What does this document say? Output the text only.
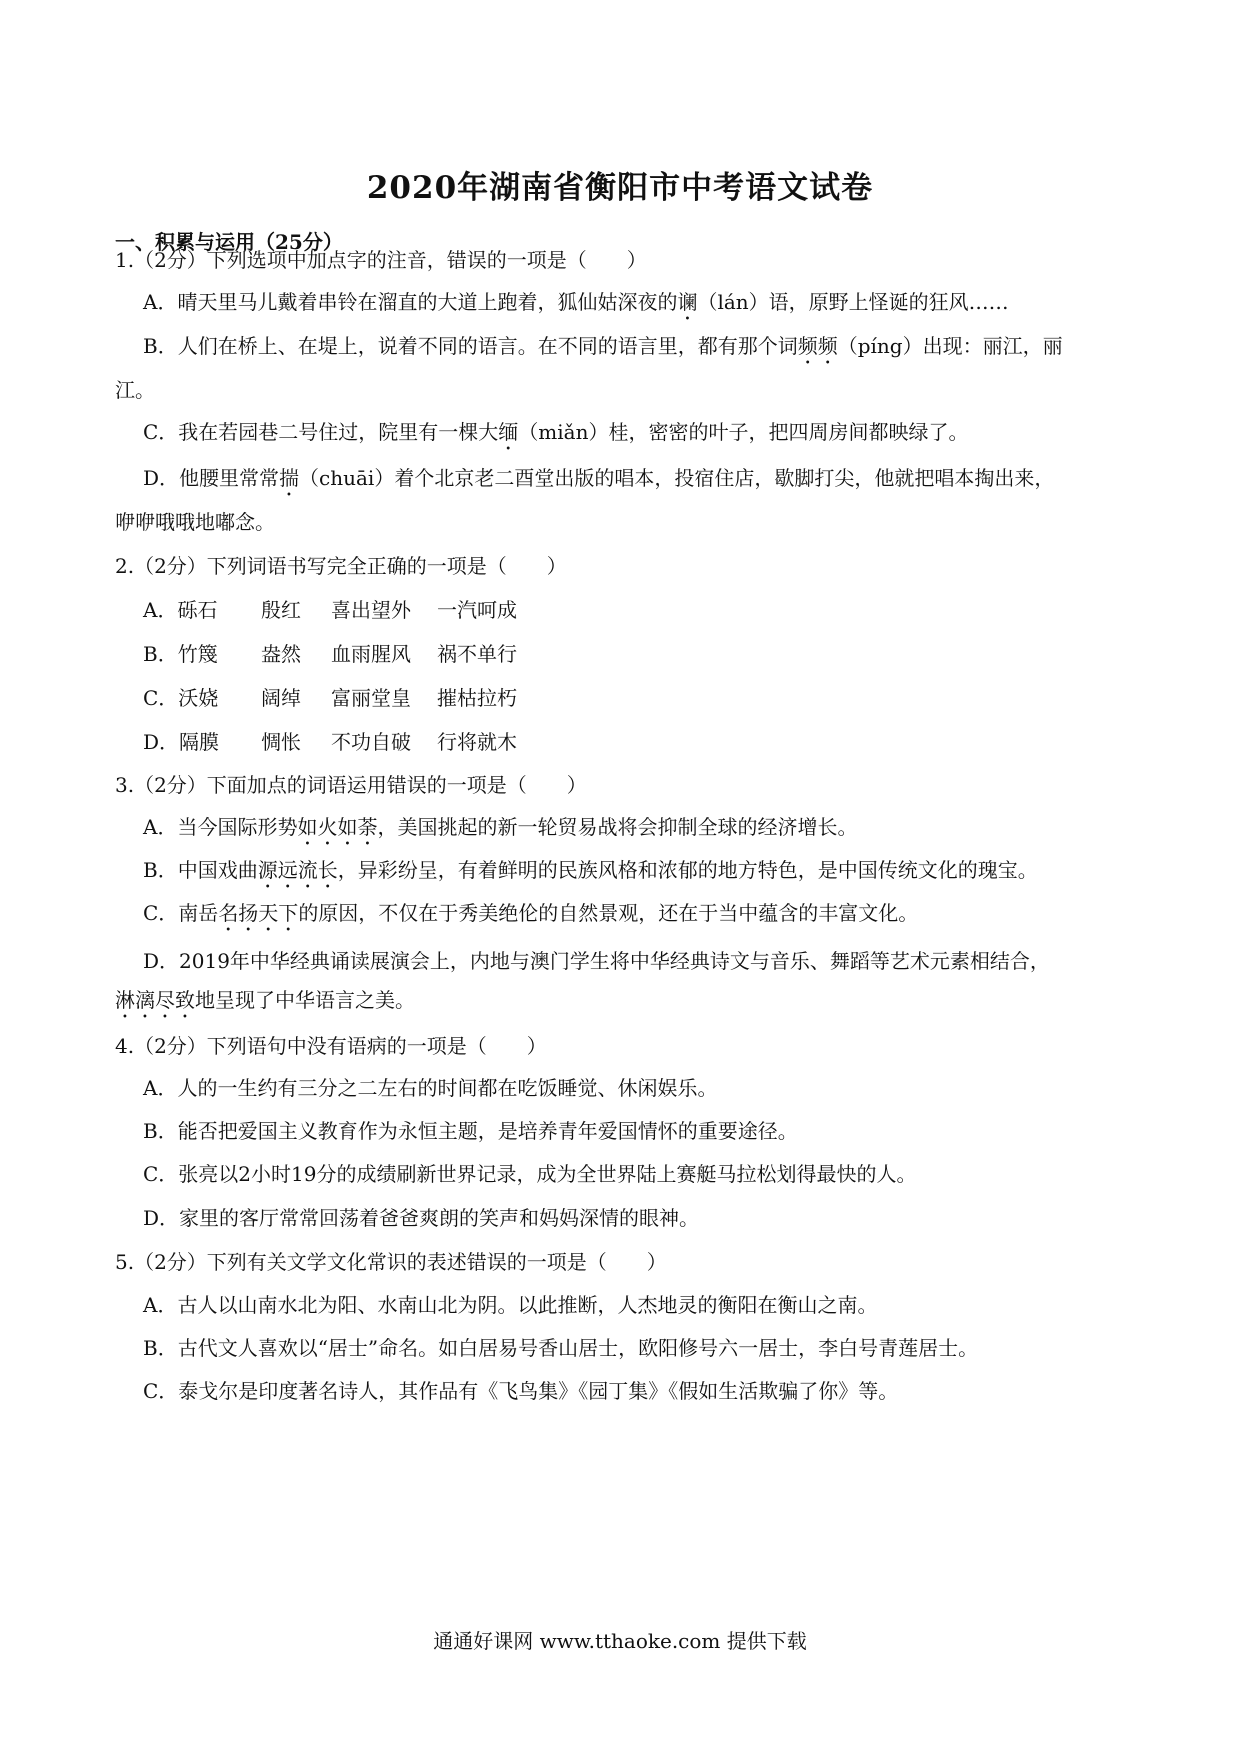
2020年湖南省衡阳市中考语文试卷
一、积累与运用（25分）
1.（2分）下列选项中加点字的注音，错误的一项是（　　）
A．晴天里马儿戴着串铃在溜直的大道上跑着，狐仙姑深夜的谰（lán）语，原野上怪诞的狂风……
B．人们在桥上、在堤上，说着不同的语言。在不同的语言里，都有那个词频频（píng）出现：丽江，丽
江。
C．我在若园巷二号住过，院里有一棵大缅（miǎn）桂，密密的叶子，把四周房间都映绿了。
D．他腰里常常揣（chuāi）着个北京老二酉堂出版的唱本，投宿住店，歇脚打尖，他就把唱本掏出来，
咿咿哦哦地嘟念。
2.（2分）下列词语书写完全正确的一项是（　　）
A．砾石 殷红 喜出望外 一汽呵成
B．竹篾 盎然 血雨腥风 祸不单行
C．沃娆 阔绰 富丽堂皇 摧枯拉朽
D．隔膜 惆怅 不功自破 行将就木
3.（2分）下面加点的词语运用错误的一项是（　　）
A．当今国际形势如火如荼，美国挑起的新一轮贸易战将会抑制全球的经济增长。
B．中国戏曲源远流长，异彩纷呈，有着鲜明的民族风格和浓郁的地方特色，是中国传统文化的瑰宝。
C．南岳名扬天下的原因，不仅在于秀美绝伦的自然景观，还在于当中蕴含的丰富文化。
D．2019年中华经典诵读展演会上，内地与澳门学生将中华经典诗文与音乐、舞蹈等艺术元素相结合，
淋漓尽致地呈现了中华语言之美。
4.（2分）下列语句中没有语病的一项是（　　）
A．人的一生约有三分之二左右的时间都在吃饭睡觉、休闲娱乐。
B．能否把爱国主义教育作为永恒主题，是培养青年爱国情怀的重要途径。
C．张亮以2小时19分的成绩刷新世界记录，成为全世界陆上赛艇马拉松划得最快的人。
D．家里的客厅常常回荡着爸爸爽朗的笑声和妈妈深情的眼神。
5.（2分）下列有关文学文化常识的表述错误的一项是（　　）
A．古人以山南水北为阳、水南山北为阴。以此推断，人杰地灵的衡阳在衡山之南。
B．古代文人喜欢以“居士”命名。如白居易号香山居士，欧阳修号六一居士，李白号青莲居士。
C．泰戈尔是印度著名诗人，其作品有《飞鸟集》《园丁集》《假如生活欺骗了你》等。
通通好课网 www.tthaoke.com 提供下载
